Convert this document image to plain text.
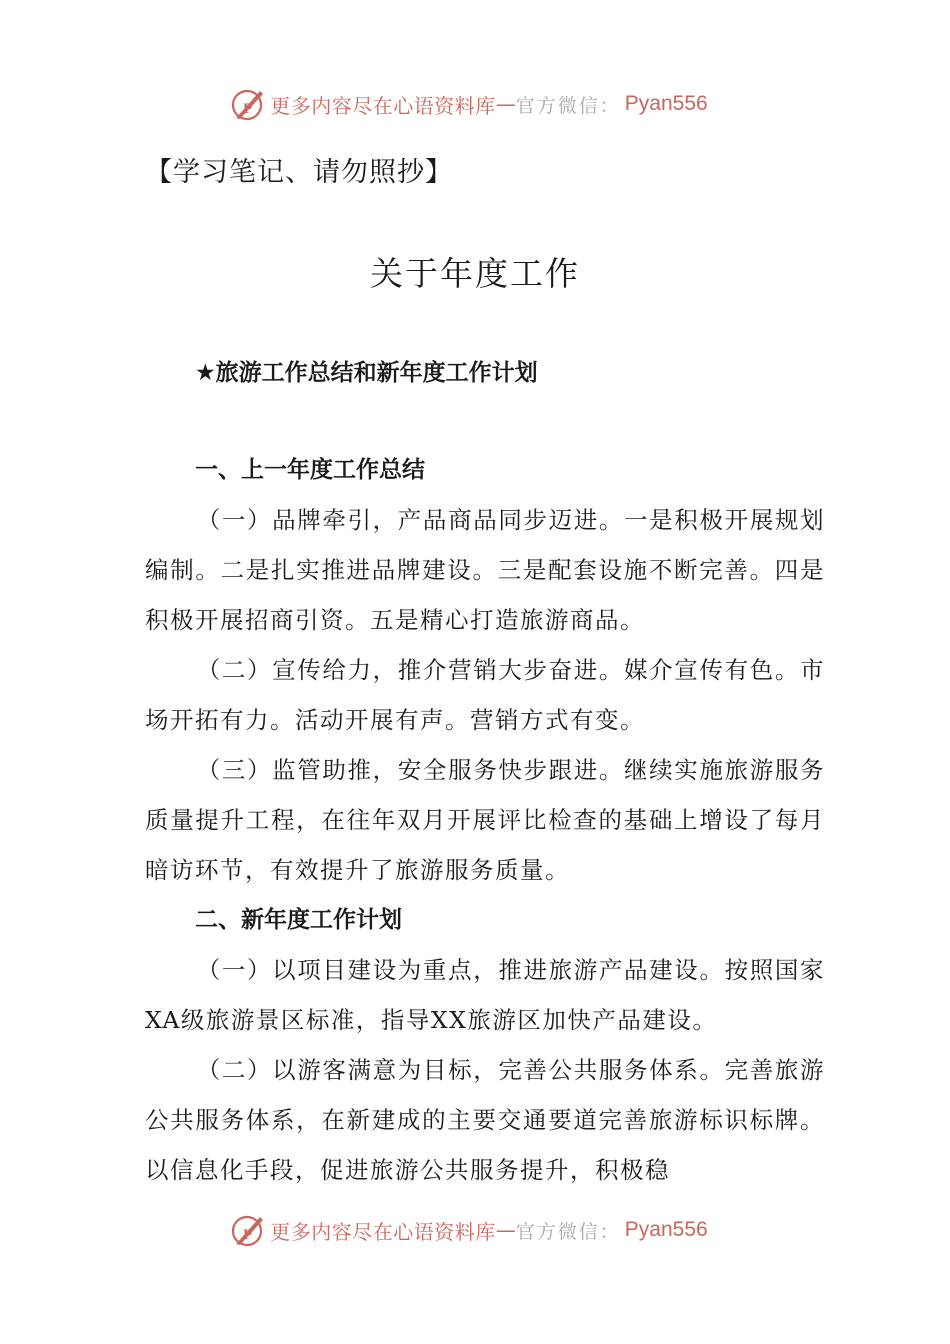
P 更多内容尽在心语资料库 — 官方微信： Pyan556
【学习笔记、请勿照抄】
关于年度工作
★旅游工作总结和新年度工作计划
一、上一年度工作总结
（一）品牌牵引，产品商品同步迈进。一是积极开展规划编制。二是扎实推进品牌建设。三是配套设施不断完善。四是积极开展招商引资。五是精心打造旅游商品。
（二）宣传给力，推介营销大步奋进。媒介宣传有色。市场开拓有力。活动开展有声。营销方式有变。
（三）监管助推，安全服务快步跟进。继续实施旅游服务质量提升工程，在往年双月开展评比检查的基础上增设了每月暗访环节，有效提升了旅游服务质量。
二、新年度工作计划
（一）以项目建设为重点，推进旅游产品建设。按照国家XA级旅游景区标准，指导XX旅游区加快产品建设。
（二）以游客满意为目标，完善公共服务体系。完善旅游公共服务体系，在新建成的主要交通要道完善旅游标识标牌。以信息化手段，促进旅游公共服务提升，积极稳
P 更多内容尽在心语资料库 — 官方微信： Pyan556
